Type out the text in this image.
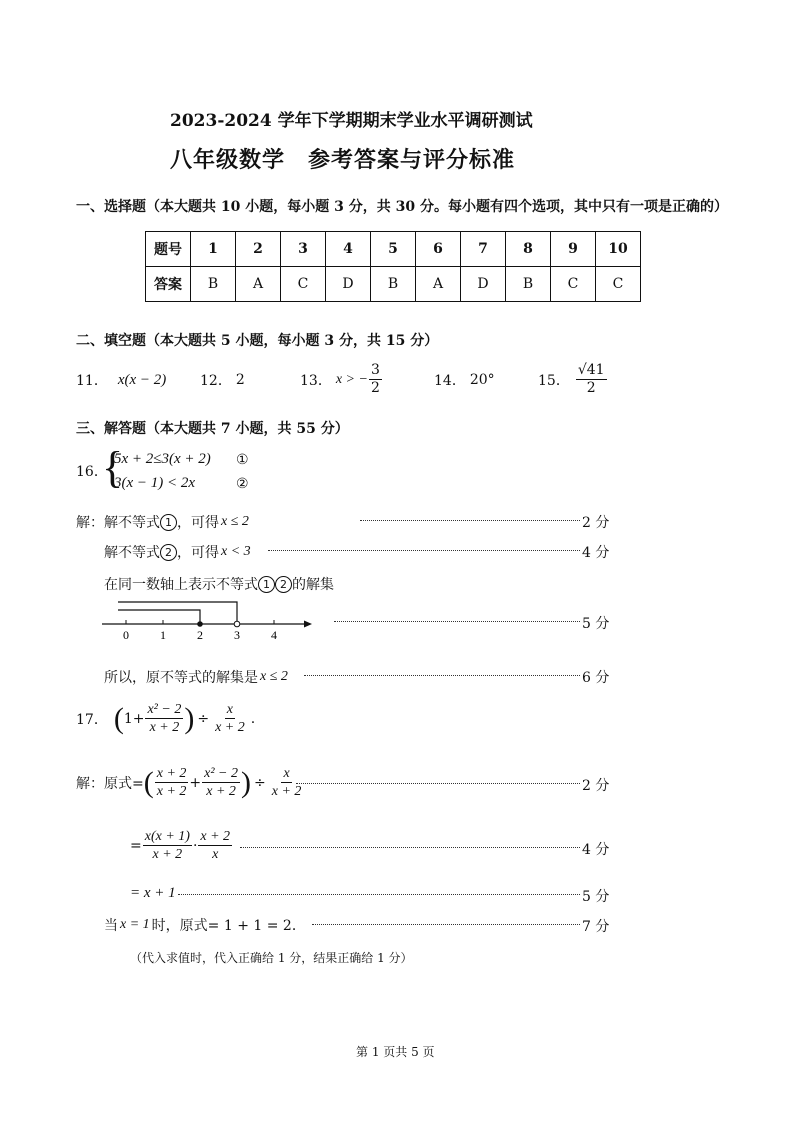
2023-2024 学年下学期期末学业水平调研测试
八年级数学　参考答案与评分标准
一、选择题（本大题共 10 小题，每小题 3 分，共 30 分。每小题有四个选项，其中只有一项是正确的）
题号	1	2	3	4	5	6	7	8	9	10
答案	B	A	C	D	B	A	D	B	C	C
二、填空题（本大题共 5 小题，每小题 3 分，共 15 分）
11． x(x − 2) 12． 2	13． x > − $\frac{3}{2}$	14． 20°	15． $\frac{√41}{2}$
三、解答题（本大题共 7 小题，共 55 分）
16．
{
5x + 2≤3(x + 2)
3(x − 1) < 2x
①
②
解：解不等式 1 ，可得 x ≤ 2	2 分
解不等式 2 ，可得 x < 3	4 分
在同一数轴上表示不等式 1 2 的解集
0	1	2	3	4
5 分
所以，原不等式的解集是 x ≤ 2	6 分
17． ( $1+ \frac{\text{x² − 2}}{x + 2}$ ) ÷ $\frac{x}{x + 2}$ .
解：原式= ( $\frac{x + 2}{x + 2} + \frac{\text{x² − 2}}{x + 2}$ ) ÷ $\frac{x}{x + 2}$	2 分
= $\frac{x(x + 1)}{x + 2} \cdot \frac{x + 2}{x}$	4 分
= x + 1	5 分
当 x = 1 时，原式 = 1 + 1 = 2．	7 分
（代入求值时，代入正确给 1 分，结果正确给 1 分）
第 1 页共 5 页
